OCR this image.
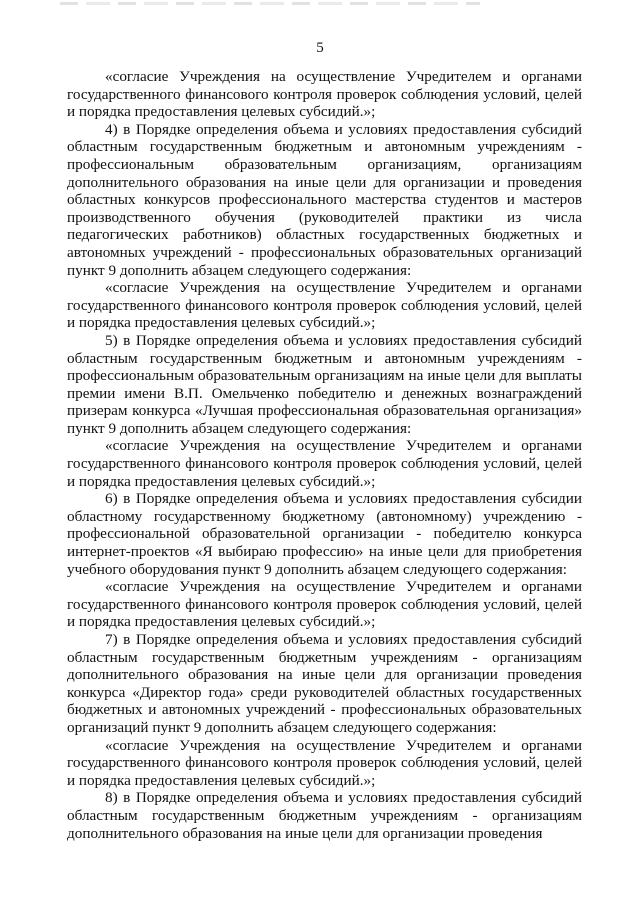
5

«согласие Учреждения на осуществление Учредителем и органами государственного финансового контроля проверок соблюдения условий, целей и порядка предоставления целевых субсидий.»;

4) в Порядке определения объема и условиях предоставления субсидий областным государственным бюджетным и автономным учреждениям - профессиональным образовательным организациям, организациям дополнительного образования на иные цели для организации и проведения областных конкурсов профессионального мастерства студентов и мастеров производственного обучения (руководителей практики из числа педагогических работников) областных государственных бюджетных и автономных учреждений - профессиональных образовательных организаций пункт 9 дополнить абзацем следующего содержания:

«согласие Учреждения на осуществление Учредителем и органами государственного финансового контроля проверок соблюдения условий, целей и порядка предоставления целевых субсидий.»;

5) в Порядке определения объема и условиях предоставления субсидий областным государственным бюджетным и автономным учреждениям - профессиональным образовательным организациям на иные цели для выплаты премии имени В.П. Омельченко победителю и денежных вознаграждений призерам конкурса «Лучшая профессиональная образовательная организация» пункт 9 дополнить абзацем следующего содержания:

«согласие Учреждения на осуществление Учредителем и органами государственного финансового контроля проверок соблюдения условий, целей и порядка предоставления целевых субсидий.»;

6) в Порядке определения объема и условиях предоставления субсидии областному государственному бюджетному (автономному) учреждению - профессиональной образовательной организации - победителю конкурса интернет-проектов «Я выбираю профессию» на иные цели для приобретения учебного оборудования пункт 9 дополнить абзацем следующего содержания:

«согласие Учреждения на осуществление Учредителем и органами государственного финансового контроля проверок соблюдения условий, целей и порядка предоставления целевых субсидий.»;

7) в Порядке определения объема и условиях предоставления субсидий областным государственным бюджетным учреждениям - организациям дополнительного образования на иные цели для организации проведения конкурса «Директор года» среди руководителей областных государственных бюджетных и автономных учреждений - профессиональных образовательных организаций пункт 9 дополнить абзацем следующего содержания:

«согласие Учреждения на осуществление Учредителем и органами государственного финансового контроля проверок соблюдения условий, целей и порядка предоставления целевых субсидий.»;

8) в Порядке определения объема и условиях предоставления субсидий областным государственным бюджетным учреждениям - организациям дополнительного образования на иные цели для организации проведения
